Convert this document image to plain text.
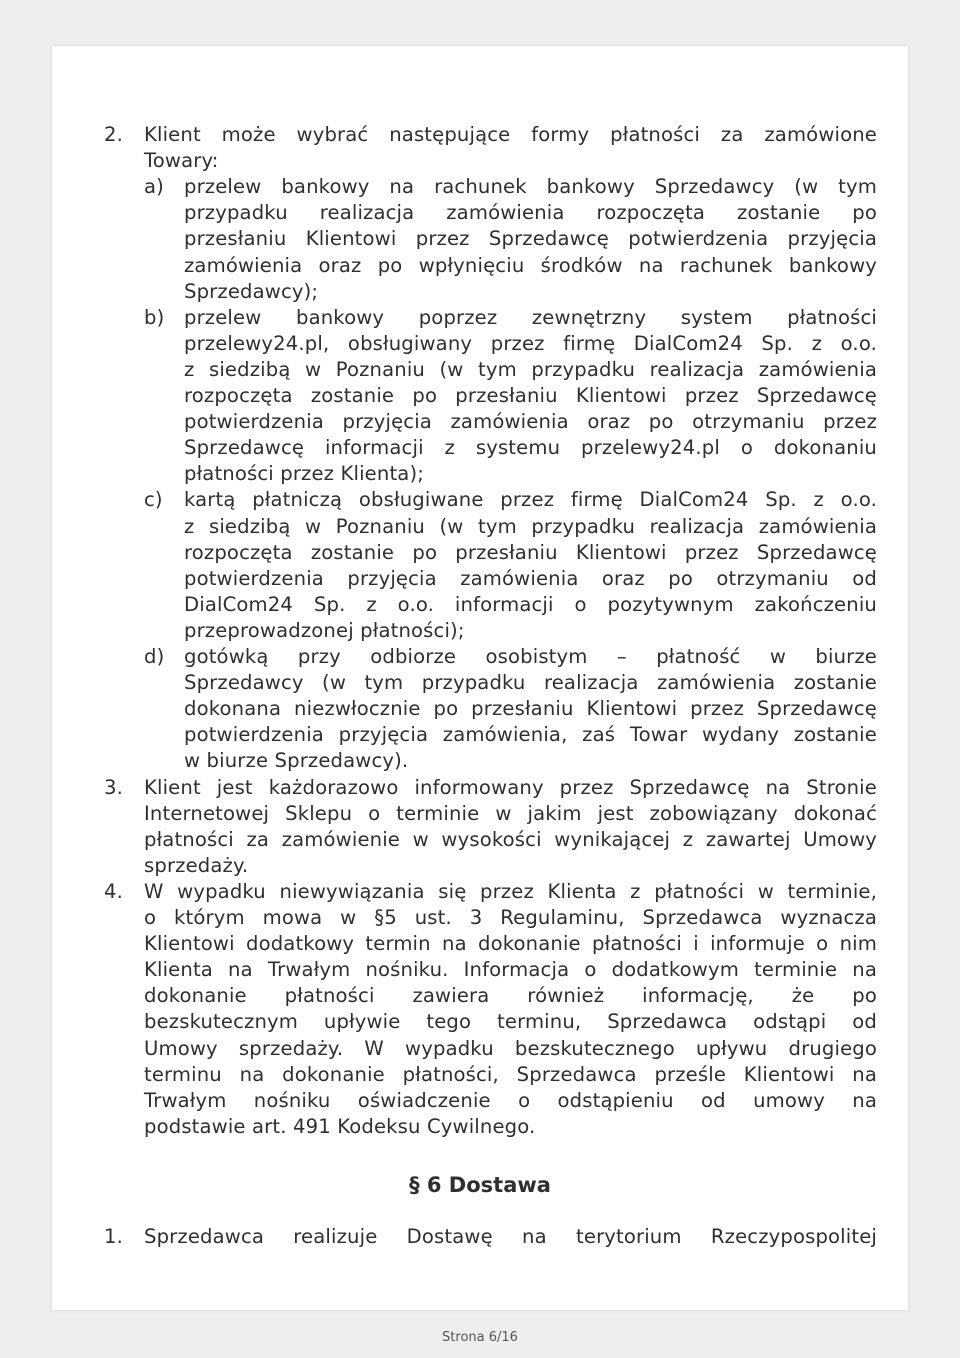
2. Klient może wybrać następujące formy płatności za zamówione
Towary:
a) przelew bankowy na rachunek bankowy Sprzedawcy (w tym
przypadku realizacja zamówienia rozpoczęta zostanie po
przesłaniu Klientowi przez Sprzedawcę potwierdzenia przyjęcia
zamówienia oraz po wpłynięciu środków na rachunek bankowy
Sprzedawcy);
b) przelew bankowy poprzez zewnętrzny system płatności
przelewy24.pl, obsługiwany przez firmę DialCom24 Sp. z o.o.
z siedzibą w Poznaniu (w tym przypadku realizacja zamówienia
rozpoczęta zostanie po przesłaniu Klientowi przez Sprzedawcę
potwierdzenia przyjęcia zamówienia oraz po otrzymaniu przez
Sprzedawcę informacji z systemu przelewy24.pl o dokonaniu
płatności przez Klienta);
c) kartą płatniczą obsługiwane przez firmę DialCom24 Sp. z o.o.
z siedzibą w Poznaniu (w tym przypadku realizacja zamówienia
rozpoczęta zostanie po przesłaniu Klientowi przez Sprzedawcę
potwierdzenia przyjęcia zamówienia oraz po otrzymaniu od
DialCom24 Sp. z o.o. informacji o pozytywnym zakończeniu
przeprowadzonej płatności);
d) gotówką przy odbiorze osobistym – płatność w biurze
Sprzedawcy (w tym przypadku realizacja zamówienia zostanie
dokonana niezwłocznie po przesłaniu Klientowi przez Sprzedawcę
potwierdzenia przyjęcia zamówienia, zaś Towar wydany zostanie
w biurze Sprzedawcy).
3. Klient jest każdorazowo informowany przez Sprzedawcę na Stronie
Internetowej Sklepu o terminie w jakim jest zobowiązany dokonać
płatności za zamówienie w wysokości wynikającej z zawartej Umowy
sprzedaży.
4. W wypadku niewywiązania się przez Klienta z płatności w terminie,
o którym mowa w §5 ust. 3 Regulaminu, Sprzedawca wyznacza
Klientowi dodatkowy termin na dokonanie płatności i informuje o nim
Klienta na Trwałym nośniku. Informacja o dodatkowym terminie na
dokonanie płatności zawiera również informację, że po
bezskutecznym upływie tego terminu, Sprzedawca odstąpi od
Umowy sprzedaży. W wypadku bezskutecznego upływu drugiego
terminu na dokonanie płatności, Sprzedawca prześle Klientowi na
Trwałym nośniku oświadczenie o odstąpieniu od umowy na
podstawie art. 491 Kodeksu Cywilnego.
§ 6 Dostawa
1. Sprzedawca realizuje Dostawę na terytorium Rzeczypospolitej
Strona 6/16
